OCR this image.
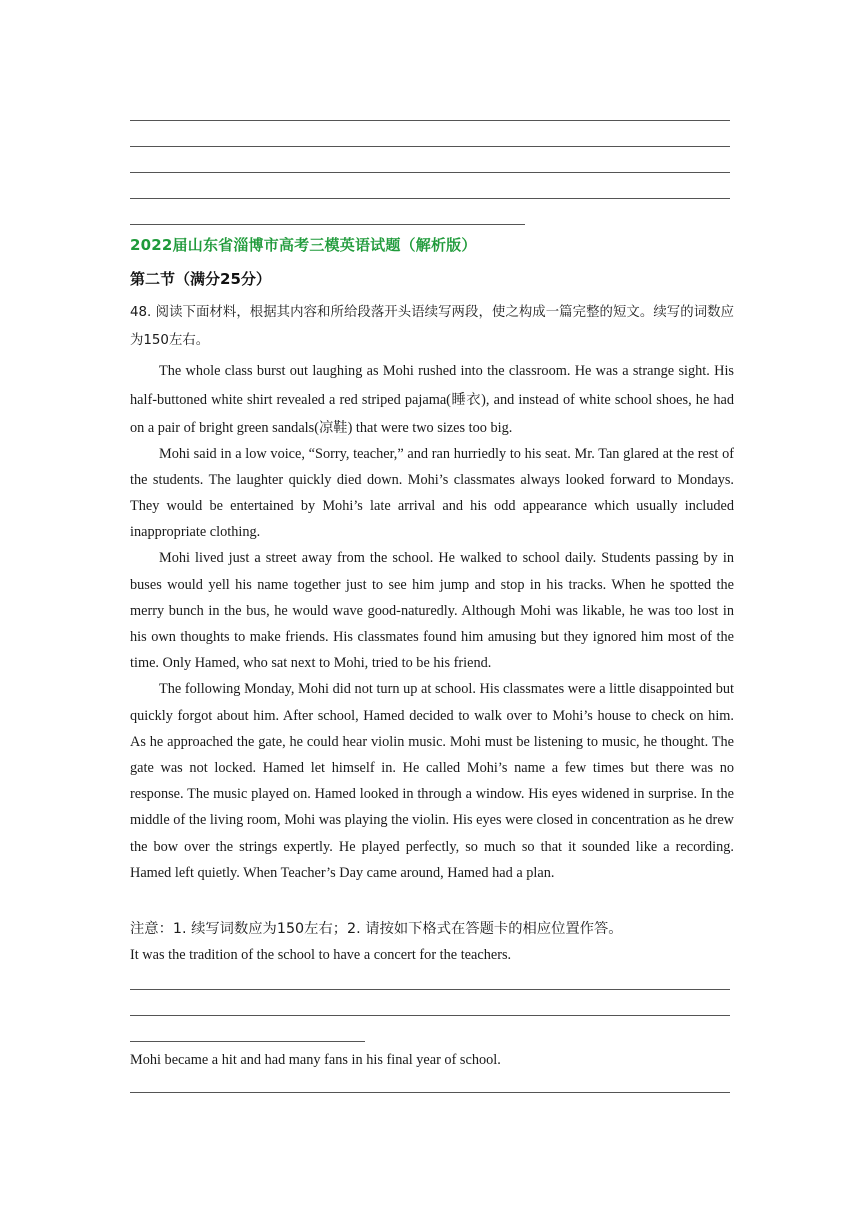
2022届山东省淄博市高考三模英语试题（解析版）
第二节（满分25分）

48. 阅读下面材料，根据其内容和所给段落开头语续写两段，使之构成一篇完整的短文。续写的词数应为150左右。

The whole class burst out laughing as Mohi rushed into the classroom. He was a strange sight. His half-buttoned white shirt revealed a red striped pajama(睡衣), and instead of white school shoes, he had on a pair of bright green sandals(凉鞋) that were two sizes too big.

Mohi said in a low voice, “Sorry, teacher,” and ran hurriedly to his seat. Mr. Tan glared at the rest of the students. The laughter quickly died down. Mohi’s classmates always looked forward to Mondays. They would be entertained by Mohi’s late arrival and his odd appearance which usually included inappropriate clothing.

Mohi lived just a street away from the school. He walked to school daily. Students passing by in buses would yell his name together just to see him jump and stop in his tracks. When he spotted the merry bunch in the bus, he would wave good-naturedly. Although Mohi was likable, he was too lost in his own thoughts to make friends. His classmates found him amusing but they ignored him most of the time. Only Hamed, who sat next to Mohi, tried to be his friend.

The following Monday, Mohi did not turn up at school. His classmates were a little disappointed but quickly forgot about him. After school, Hamed decided to walk over to Mohi’s house to check on him. As he approached the gate, he could hear violin music. Mohi must be listening to music, he thought. The gate was not locked. Hamed let himself in. He called Mohi’s name a few times but there was no response. The music played on. Hamed looked in through a window. His eyes widened in surprise. In the middle of the living room, Mohi was playing the violin. His eyes were closed in concentration as he drew the bow over the strings expertly. He played perfectly, so much so that it sounded like a recording. Hamed left quietly. When Teacher’s Day came around, Hamed had a plan.

注意：1. 续写词数应为150左右；2. 请按如下格式在答题卡的相应位置作答。
It was the tradition of the school to have a concert for the teachers.
Mohi became a hit and had many fans in his final year of school.
